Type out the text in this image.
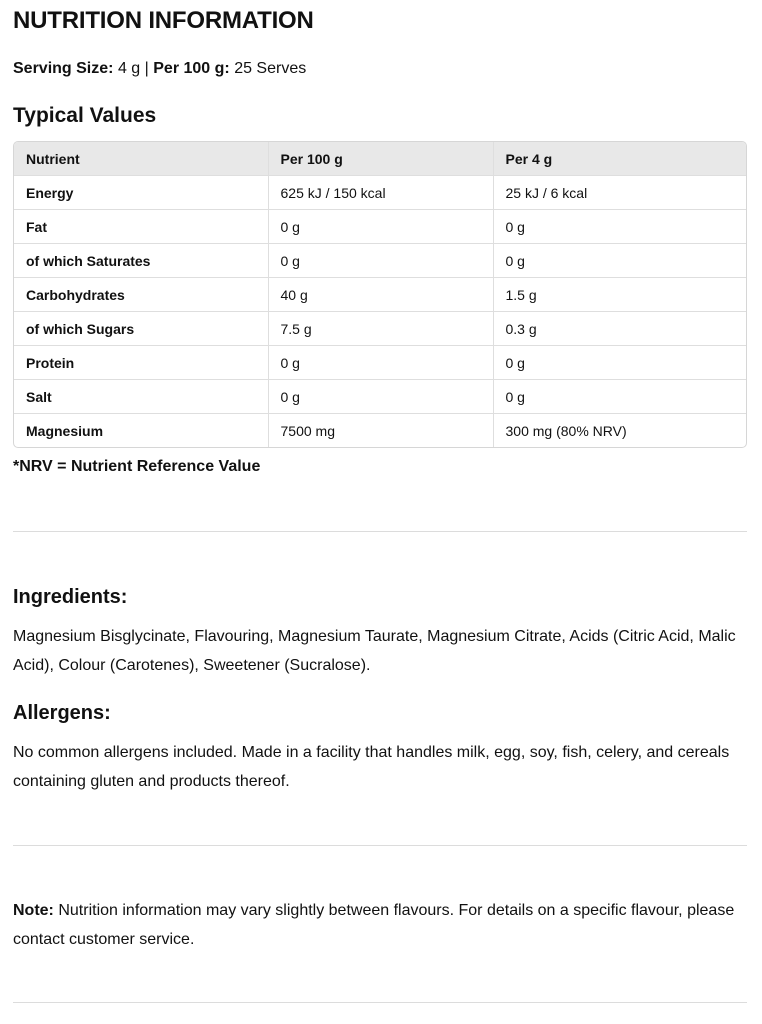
NUTRITION INFORMATION
Serving Size: 4 g | Per 100 g: 25 Serves
Typical Values
Nutrient	Per 100 g	Per 4 g
Energy	625 kJ / 150 kcal	25 kJ / 6 kcal
Fat	0 g	0 g
of which Saturates	0 g	0 g
Carbohydrates	40 g	1.5 g
of which Sugars	7.5 g	0.3 g
Protein	0 g	0 g
Salt	0 g	0 g
Magnesium	7500 mg	300 mg (80% NRV)
*NRV = Nutrient Reference Value
Ingredients:

Magnesium Bisglycinate, Flavouring, Magnesium Taurate, Magnesium Citrate, Acids (Citric Acid, Malic Acid), Colour (Carotenes), Sweetener (Sucralose).

Allergens:

No common allergens included. Made in a facility that handles milk, egg, soy, fish, celery, and cereals containing gluten and products thereof.

Note: Nutrition information may vary slightly between flavours. For details on a specific flavour, please contact customer service.
